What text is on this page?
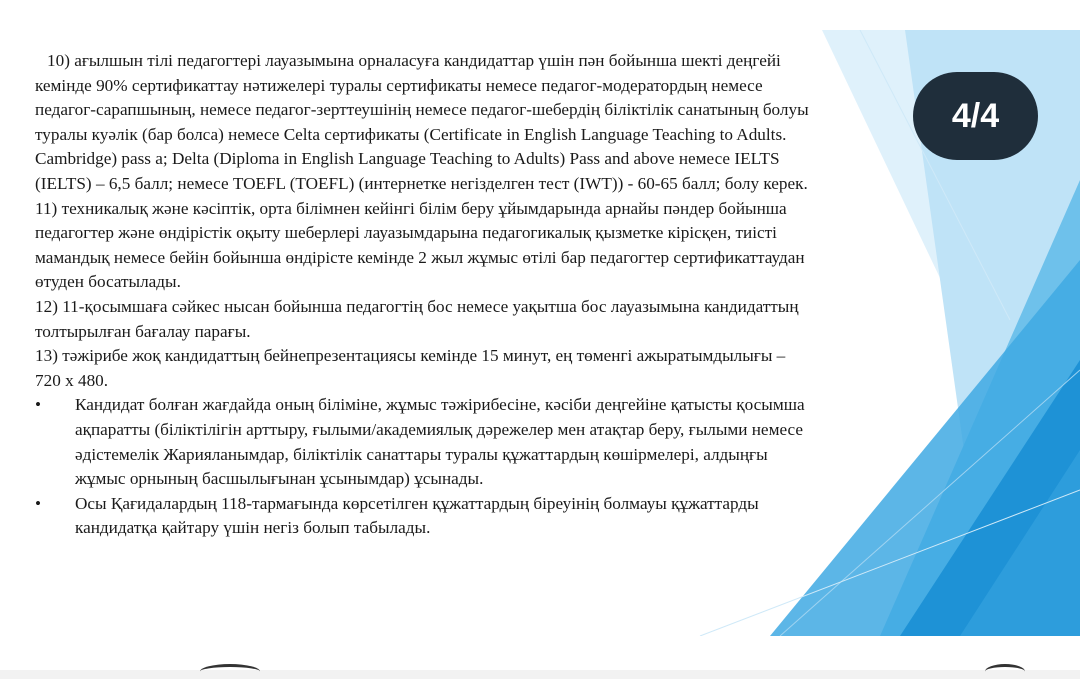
4/4

10) ағылшын тілі педагогтері лауазымына орналасуға кандидаттар үшін пән бойынша шекті деңгейі кемінде 90% сертификаттау нәтижелері туралы сертификаты немесе педагог-модератордың немесе педагог-сарапшының, немесе педагог-зерттеушінің немесе педагог-шебердің біліктілік санатының болуы туралы куәлік (бар болса) немесе Celta сертификаты (Certificate in English Language Teaching to Adults. Cambridge) pass a; Delta (Diploma in English Language Teaching to Adults) Pass and above немесе IELTS (IELTS) – 6,5 балл; немесе TOEFL (TOEFL) (интернетке негізделген тест (IWT)) - 60-65 балл; болу керек.

11) техникалық және кәсіптік, орта білімнен кейінгі білім беру ұйымдарында арнайы пәндер бойынша педагогтер және өндірістік оқыту шеберлері лауазымдарына педагогикалық қызметке кірісқен, тиісті мамандық немесе бейін бойынша өндірісте кемінде 2 жыл жұмыс өтілі бар педагогтер сертификаттаудан өтуден босатылады.

12) 11-қосымшаға сәйкес нысан бойынша педагогтің бос немесе уақытша бос лауазымына кандидаттың толтырылған бағалау парағы.

13) тәжірибе жоқ кандидаттың бейнепрезентациясы кемінде 15 минут, ең төменгі ажыратымдылығы – 720 х 480.

•	Кандидат болған жағдайда оның біліміне, жұмыс тәжірибесіне, кәсіби деңгейіне қатысты қосымша ақпаратты (біліктілігін арттыру, ғылыми/академиялық дәрежелер мен атақтар беру, ғылыми немесе әдістемелік Жарияланымдар, біліктілік санаттары туралы құжаттардың көшірмелері, алдыңғы жұмыс орнының басшылығынан ұсынымдар) ұсынады.
•	Осы Қағидалардың 118-тармағында көрсетілген құжаттардың біреуінің болмауы құжаттарды кандидатқа қайтару үшін негіз болып табылады.
